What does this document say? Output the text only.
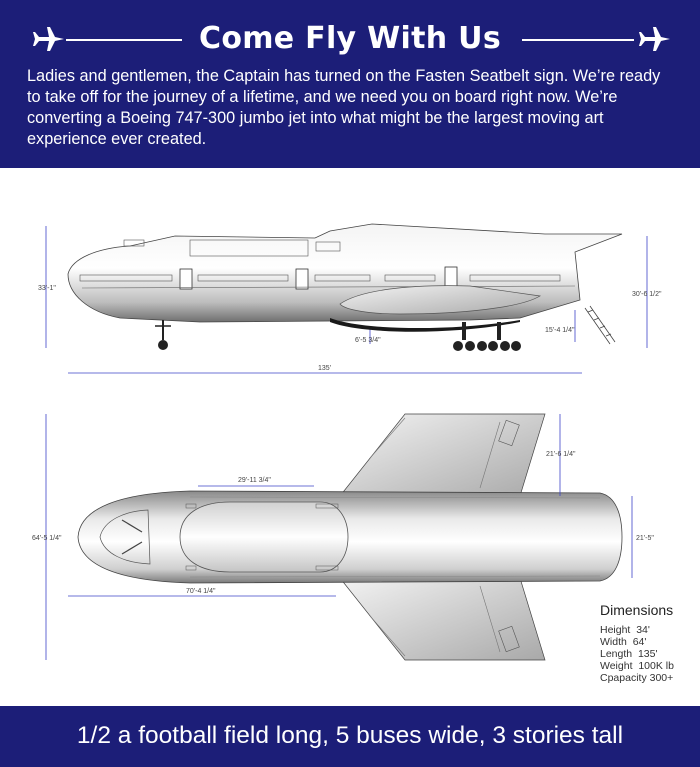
Come Fly With Us
Ladies and gentlemen, the Captain has turned on the Fasten Seatbelt sign. We’re ready to take off for the journey of a lifetime, and we need you on board right now. We’re converting a Boeing 747-300 jumbo jet into what might be the largest moving art experience ever created.
33'-1"
30'-6 1/2"
135'
6'-5 3/4"
15'-4 1/4"
29'-11 3/4"
64'-5 1/4"
21'-6 1/4"
21'-5"
70'-4 1/4"
Dimensions
Height 34'
Width 64'
Length 135'
Weight 100K lb
Cpapacity 300+
1/2 a football field long, 5 buses wide, 3 stories tall
